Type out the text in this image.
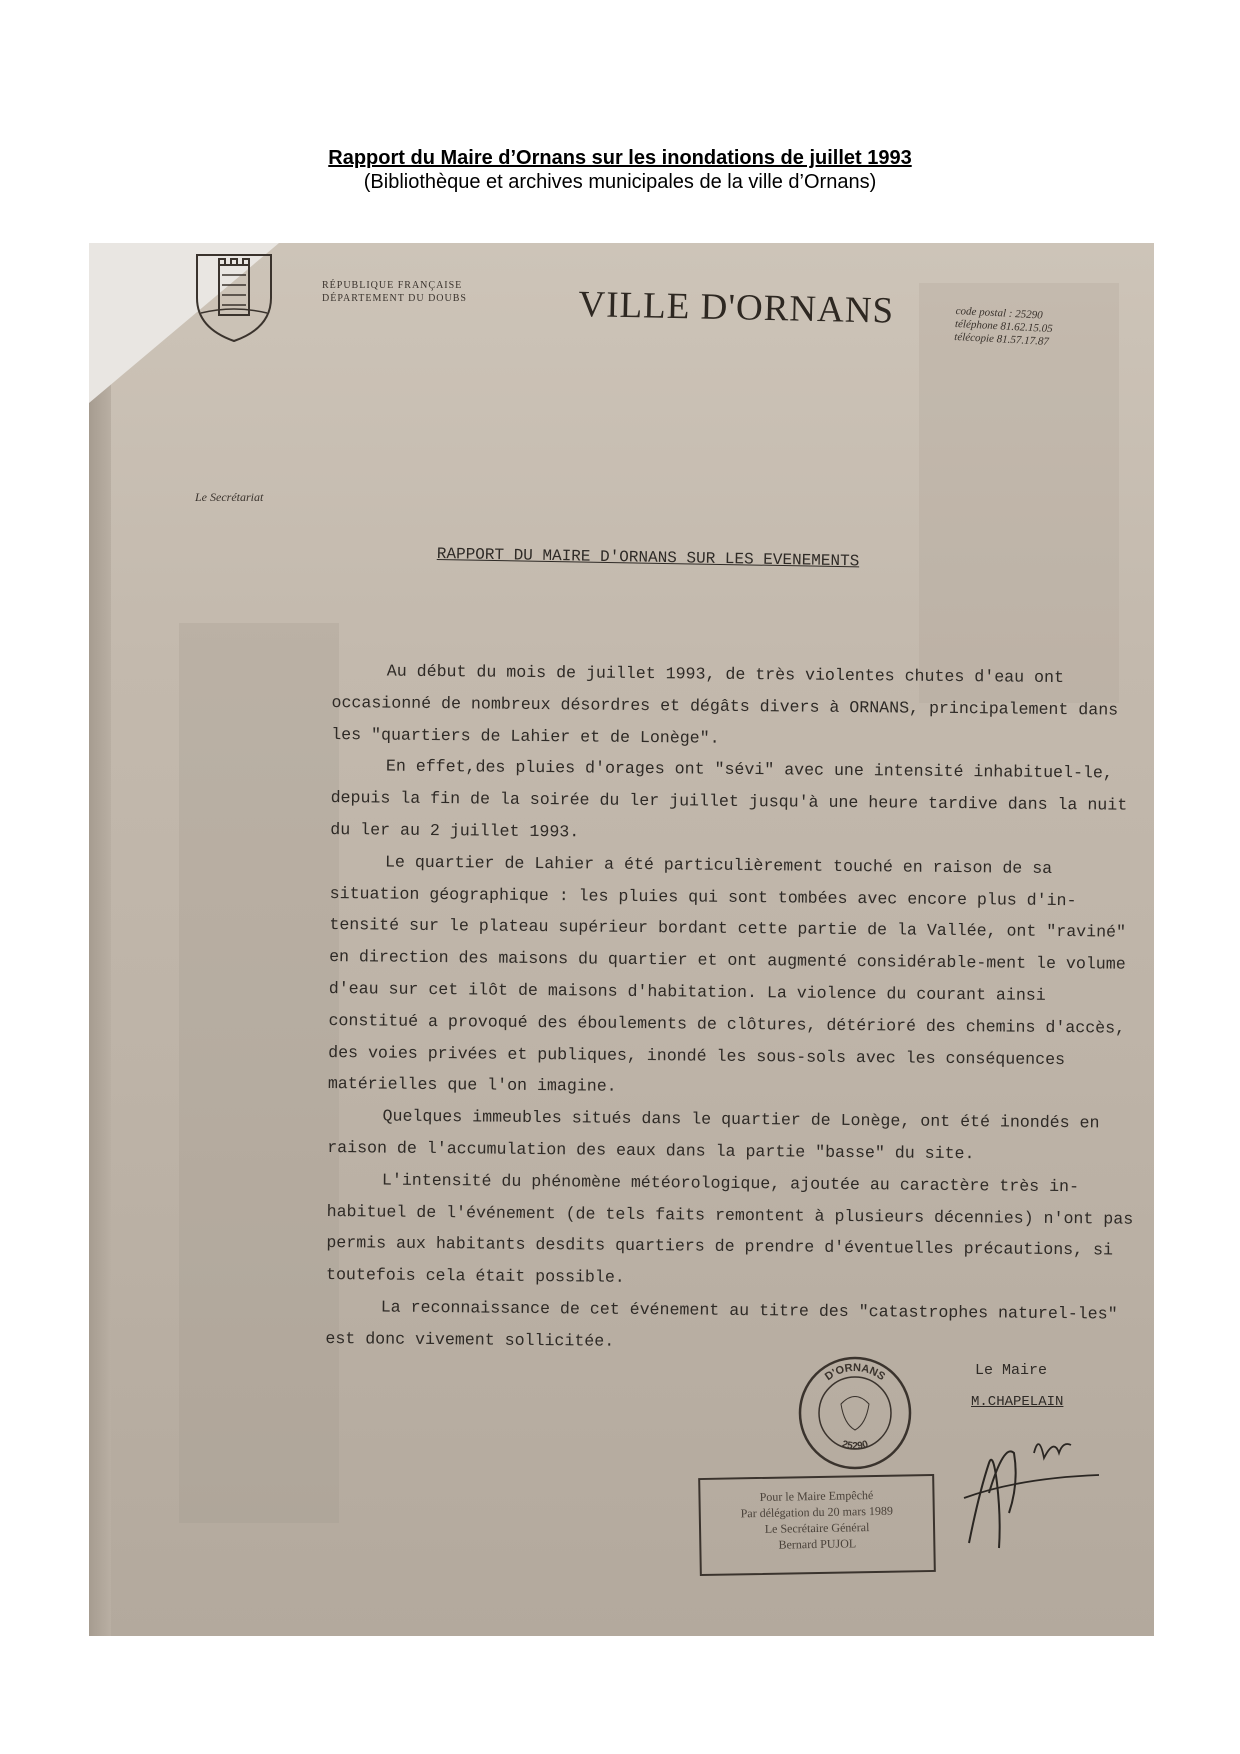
Rapport du Maire d’Ornans sur les inondations de juillet 1993
(Bibliothèque et archives municipales de la ville d’Ornans)
RÉPUBLIQUE FRANÇAISE
DÉPARTEMENT DU DOUBS	VILLE D'ORNANS	code postal : 25290
téléphone 81.62.15.05
télécopie 81.57.17.87
Le Secrétariat
RAPPORT DU MAIRE D'ORNANS SUR LES EVENEMENTS

Au début du mois de juillet 1993, de très violentes chutes d'eau ont occasionné de nombreux désordres et dégâts divers à ORNANS, principalement dans les "quartiers de Lahier et de Lonège".

En effet,des pluies d'orages ont "sévi" avec une intensité inhabituel-le, depuis la fin de la soirée du ler juillet jusqu'à une heure tardive dans la nuit du ler au 2 juillet 1993.

Le quartier de Lahier a été particulièrement touché en raison de sa situation géographique : les pluies qui sont tombées avec encore plus d'in-tensité sur le plateau supérieur bordant cette partie de la Vallée, ont "raviné" en direction des maisons du quartier et ont augmenté considérable-ment le volume d'eau sur cet ilôt de maisons d'habitation. La violence du courant ainsi constitué a provoqué des éboulements de clôtures, détérioré des chemins d'accès, des voies privées et publiques, inondé les sous-sols avec les conséquences matérielles que l'on imagine.

Quelques immeubles situés dans le quartier de Lonège, ont été inondés en raison de l'accumulation des eaux dans la partie "basse" du site.

L'intensité du phénomène météorologique, ajoutée au caractère très in-habituel de l'événement (de tels faits remontent à plusieurs décennies) n'ont pas permis aux habitants desdits quartiers de prendre d'éventuelles précautions, si toutefois cela était possible.

La reconnaissance de cet événement au titre des "catastrophes naturel-les" est donc vivement sollicitée.

Le Maire
M.CHAPELAIN
D'ORNANS
25290
Pour le Maire Empêché
Par délégation du 20 mars 1989
Le Secrétaire Général
Bernard PUJOL
